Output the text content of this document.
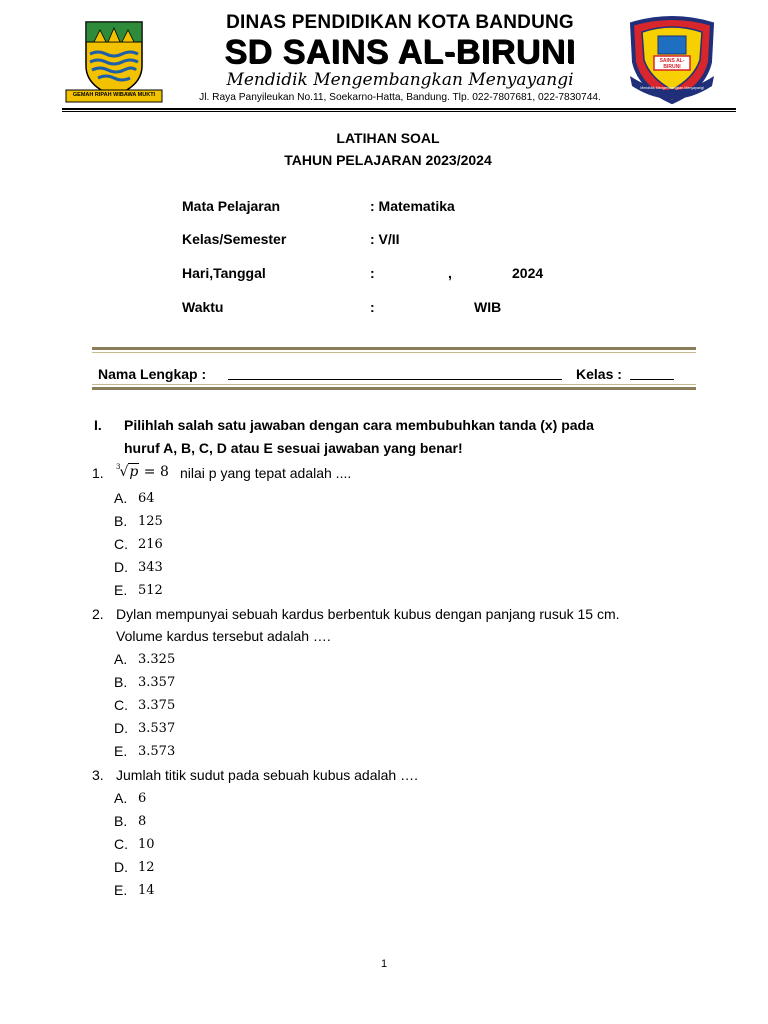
GEMAH RIPAH WIBAWA MUKTI
DINAS PENDIDIKAN KOTA BANDUNG
SD SAINS AL-BIRUNI
Mendidik Mengembangkan Menyayangi
Jl. Raya Panyileukan No.11, Soekarno-Hatta, Bandung. Tlp. 022-7807681, 022-7830744.
SAINS AL-BIRUNI
Mendidik Mengembangkan Menyayangi
LATIHAN SOAL
TAHUN PELAJARAN 2023/2024
Mata Pelajaran	: Matematika
Kelas/Semester	: V/II
Hari,Tanggal	:	,	2024
Waktu	:	WIB
Nama Lengkap :	Kelas :
I. Pilihlah salah satu jawaban dengan cara membubuhkan tanda (x) pada
huruf A, B, C, D atau E sesuai jawaban yang benar!
1. $^3$√p = 8 nilai p yang tepat adalah ....
A. 64
B. 125
C. 216
D. 343
E. 512
2. Dylan mempunyai sebuah kardus berbentuk kubus dengan panjang rusuk 15 cm.
Volume kardus tersebut adalah ….
A. 3.325
B. 3.357
C. 3.375
D. 3.537
E. 3.573
3. Jumlah titik sudut pada sebuah kubus adalah ….
A. 6
B. 8
C. 10
D. 12
E. 14
1
